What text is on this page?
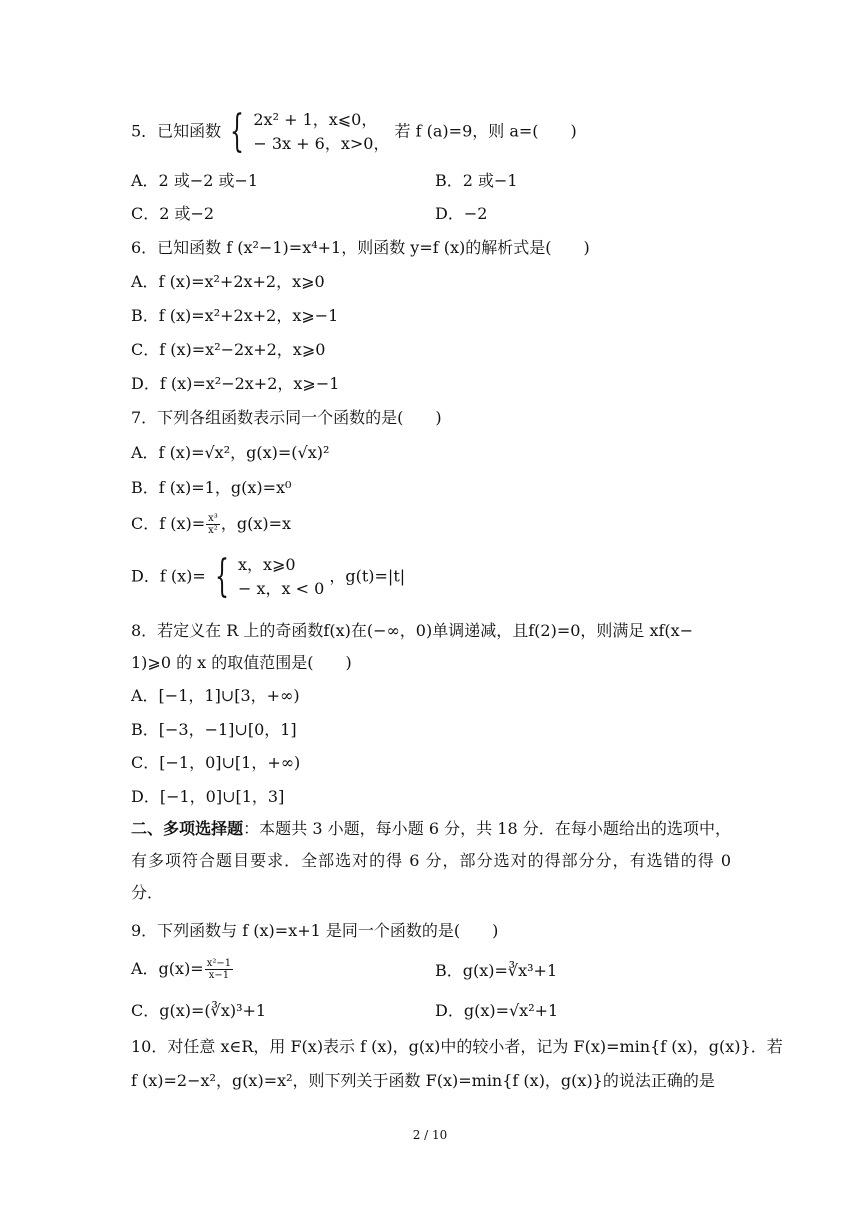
5．已知函数 { 2x² + 1，x⩽0，
− 3x + 6，x>0，
若 f (a)=9，则 a=(　　)
A．2 或−2 或−1	B．2 或−1
C．2 或−2	D．−2
6．已知函数 f (x²−1)=x⁴+1，则函数 y=f (x)的解析式是(　　)
A．f (x)=x²+2x+2，x⩾0
B．f (x)=x²+2x+2，x⩾−1
C．f (x)=x²−2x+2，x⩾0
D．f (x)=x²−2x+2，x⩾−1
7．下列各组函数表示同一个函数的是(　　)
A．f (x)=√x²，g(x)=(√x)²
B．f (x)=1，g(x)=x⁰
C．f $(x)= \frac{\text{x³}}{\text{x²}}$ ，g(x)=x
D．f (x)= { x，x⩾0
− x，x < 0
，g(t)=|t|
8．若定义在 R 上的奇函数f(x)在(−∞，0)单调递减，且f(2)=0，则满足 xf(x−
1)⩾0 的 x 的取值范围是(　　)
A．[−1，1]∪[3，+∞)
B．[−3，−1]∪[0，1]
C．[−1，0]∪[1，+∞)
D．[−1，0]∪[1，3]
二、多项选择题：本题共 3 小题，每小题 6 分，共 18 分．在每小题给出的选项中，有多项符合题目要求．全部选对的得 6 分，部分选对的得部分分，有选错的得 0 分．
9．下列函数与 f (x)=x+1 是同一个函数的是(　　)
A．$g(x)= \frac{\text{x²−1}}{x-1}$	B．g(x)=∛x³+1
C．g(x)=(∛x)³+1	D．g(x)=√x²+1
10．对任意 x∈R，用 F(x)表示 f (x)，g(x)中的较小者，记为 F(x)=min{f (x)，g(x)}．若
f (x)=2−x²，g(x)=x²，则下列关于函数 F(x)=min{f (x)，g(x)}的说法正确的是
2 / 10
